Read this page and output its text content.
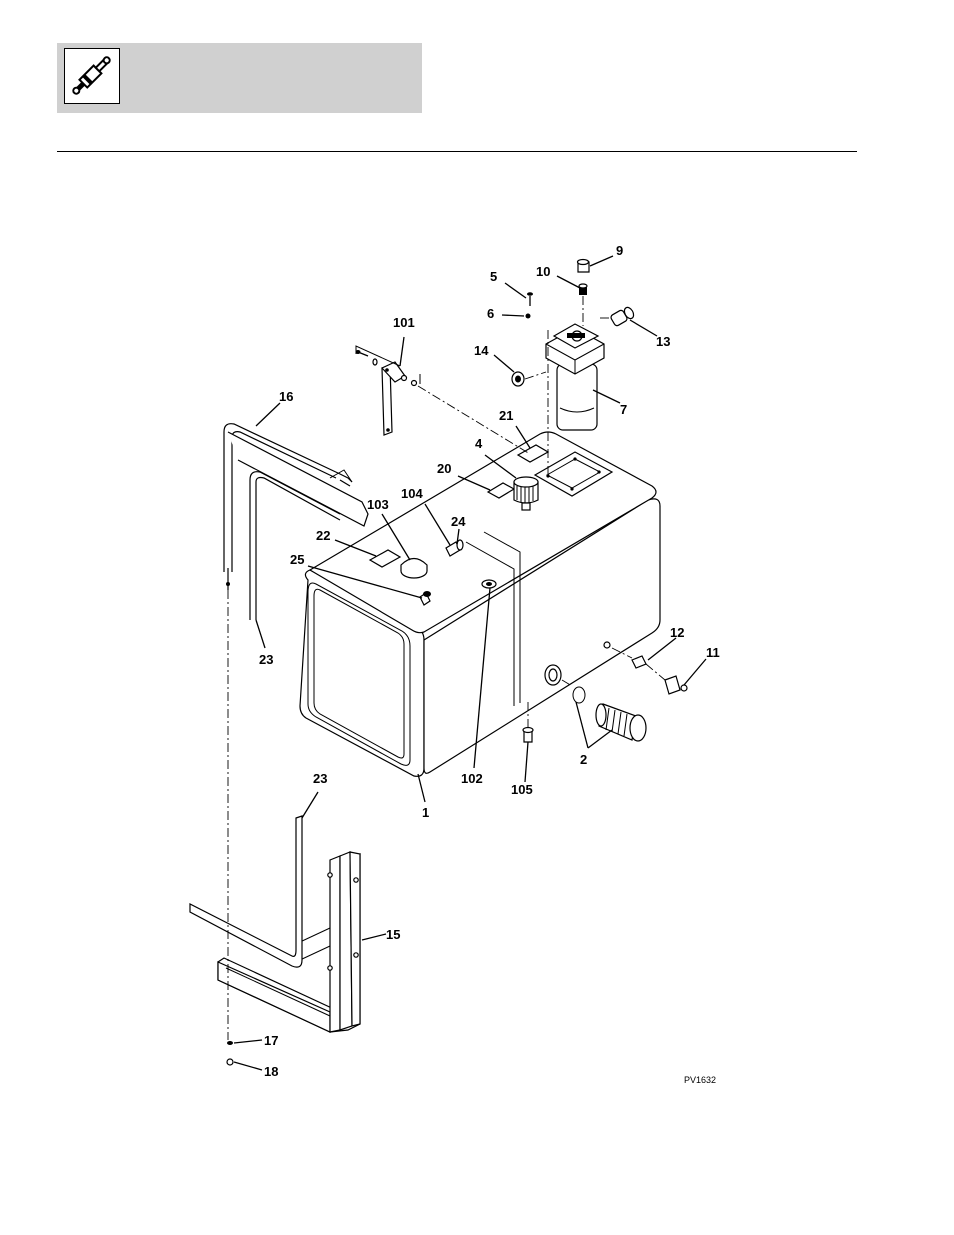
9
10
5
6
13
101
14
7
16
21
4
20
104
103
24
22
25
23
12
11
2
102
105
1
23
15
17
18
PV1632
